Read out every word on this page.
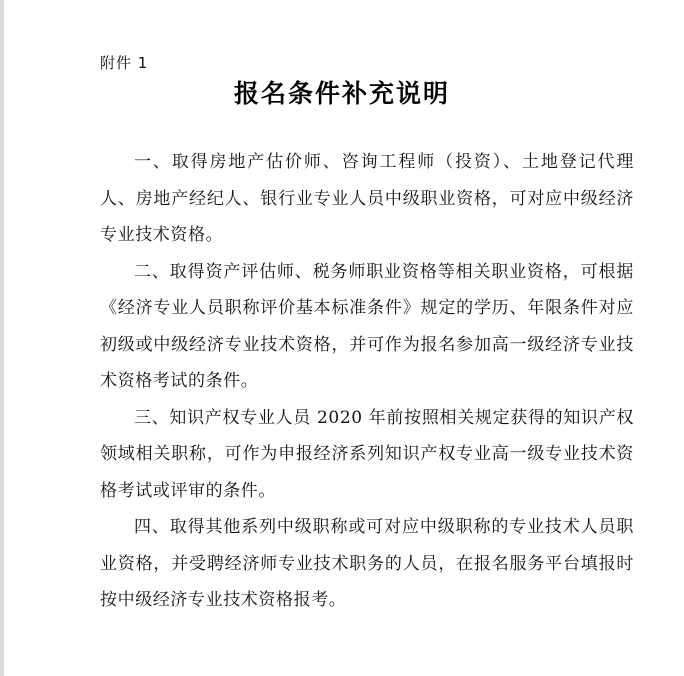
附件 1
报名条件补充说明

一、取得房地产估价师、咨询工程师（投资）、土地登记代理人、房地产经纪人、银行业专业人员中级职业资格，可对应中级经济专业技术资格。

二、取得资产评估师、税务师职业资格等相关职业资格，可根据《经济专业人员职称评价基本标准条件》规定的学历、年限条件对应初级或中级经济专业技术资格，并可作为报名参加高一级经济专业技术资格考试的条件。

三、知识产权专业人员 2020 年前按照相关规定获得的知识产权领域相关职称，可作为申报经济系列知识产权专业高一级专业技术资格考试或评审的条件。

四、取得其他系列中级职称或可对应中级职称的专业技术人员职业资格，并受聘经济师专业技术职务的人员，在报名服务平台填报时按中级经济专业技术资格报考。
